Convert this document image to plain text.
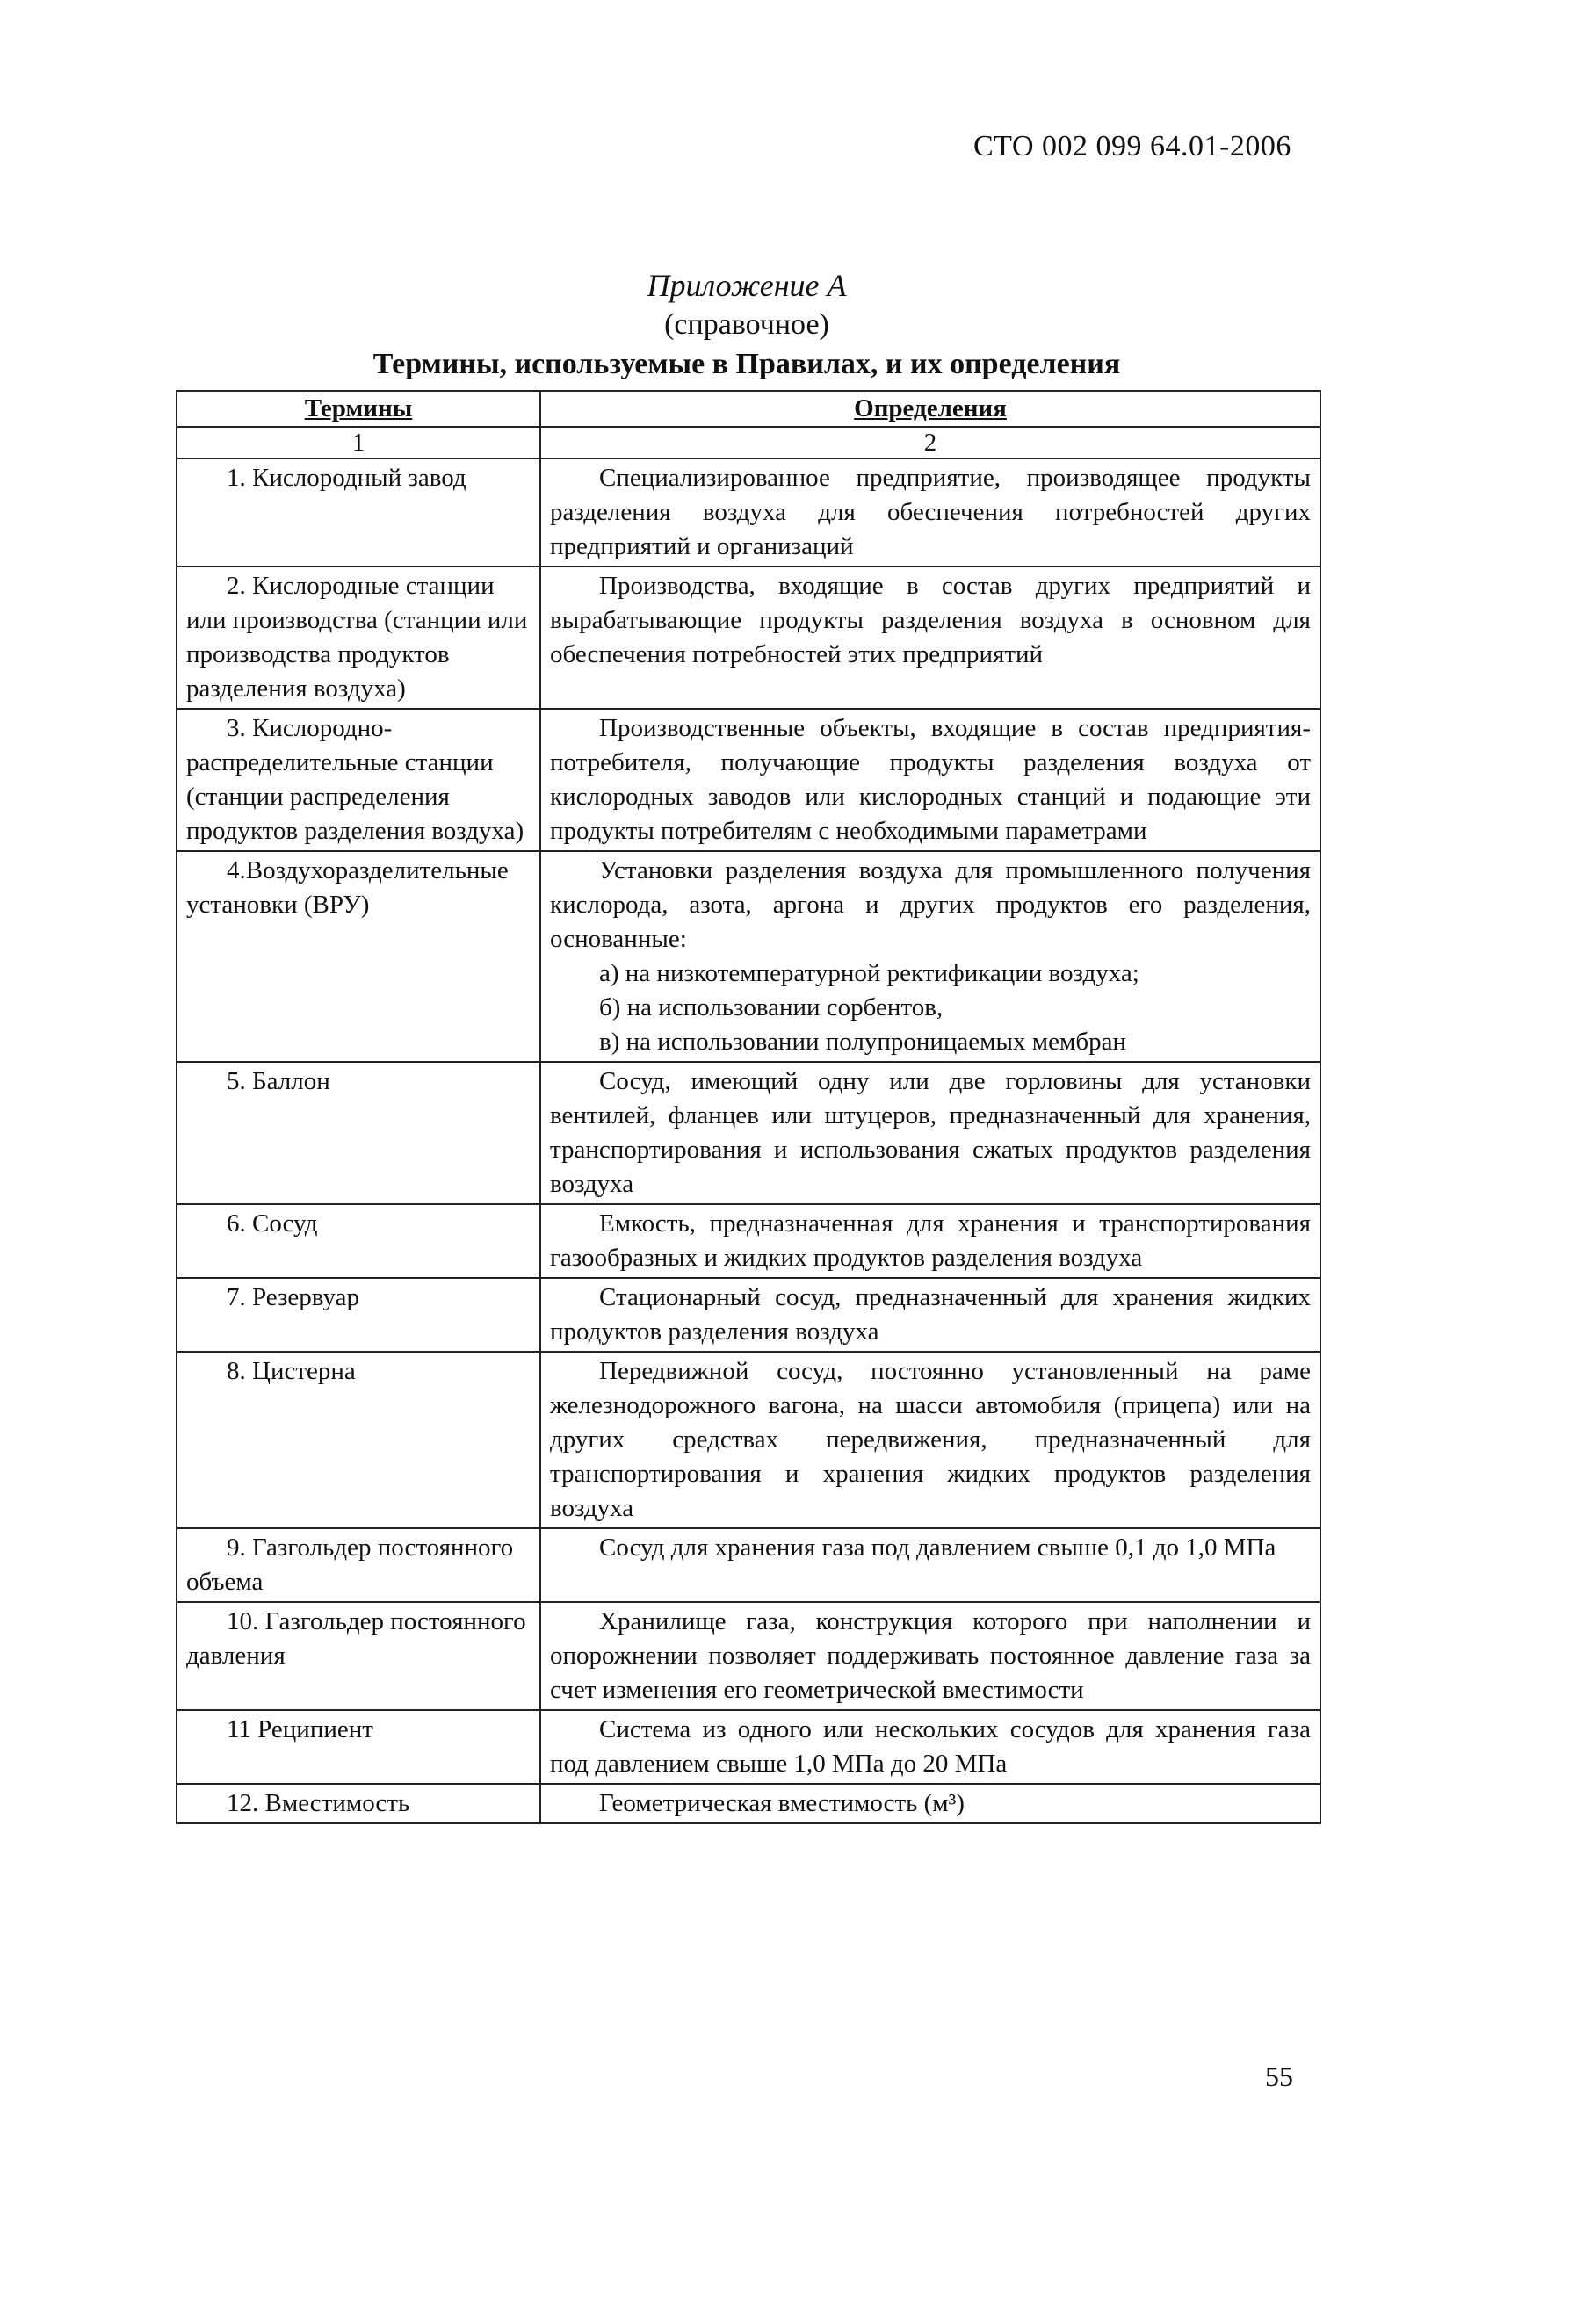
СТО 002 099 64.01-2006
Приложение А
(справочное)
Термины, используемые в Правилах, и их определения
Термины	Определения
1	2

1. Кислородный завод	Специализированное предприятие, производящее продукты разделения воздуха для обеспечения потребностей других предприятий и организаций

2. Кислородные станции или производства (станции или производства продуктов разделения воздуха)	Производства, входящие в состав других предприятий и вырабатывающие продукты разделения воздуха в основном для обеспечения потребностей этих предприятий

3. Кислородно-распределительные станции (станции распределения продуктов разделения воздуха)	Производственные объекты, входящие в состав предприятия-потребителя, получающие продукты разделения воздуха от кислородных заводов или кислородных станций и подающие эти продукты потребителям с необходимыми параметрами

4.Воздухоразделительные установки (ВРУ)	Установки разделения воздуха для промышленного получения кислорода, азота, аргона и других продуктов его разделения, основанные:
а) на низкотемпературной ректификации воздуха;
б) на использовании сорбентов,
в) на использовании полупроницаемых мембран

5. Баллон	Сосуд, имеющий одну или две горловины для установки вентилей, фланцев или штуцеров, предназначенный для хранения, транспортирования и использования сжатых продуктов разделения воздуха

6. Сосуд	Емкость, предназначенная для хранения и транспортирования газообразных и жидких продуктов разделения воздуха

7. Резервуар	Стационарный сосуд, предназначенный для хранения жидких продуктов разделения воздуха

8. Цистерна	Передвижной сосуд, постоянно установленный на раме железнодорожного вагона, на шасси автомобиля (прицепа) или на других средствах передвижения, предназначенный для транспортирования и хранения жидких продуктов разделения воздуха

9. Газгольдер постоянного объема	Сосуд для хранения газа под давлением свыше 0,1 до 1,0 МПа

10. Газгольдер постоянного давления	Хранилище газа, конструкция которого при наполнении и опорожнении позволяет поддерживать постоянное давление газа за счет изменения его геометрической вместимости

11 Реципиент	Система из одного или нескольких сосудов для хранения газа под давлением свыше 1,0 МПа до 20 МПа

12. Вместимость	Геометрическая вместимость (м³)
55
